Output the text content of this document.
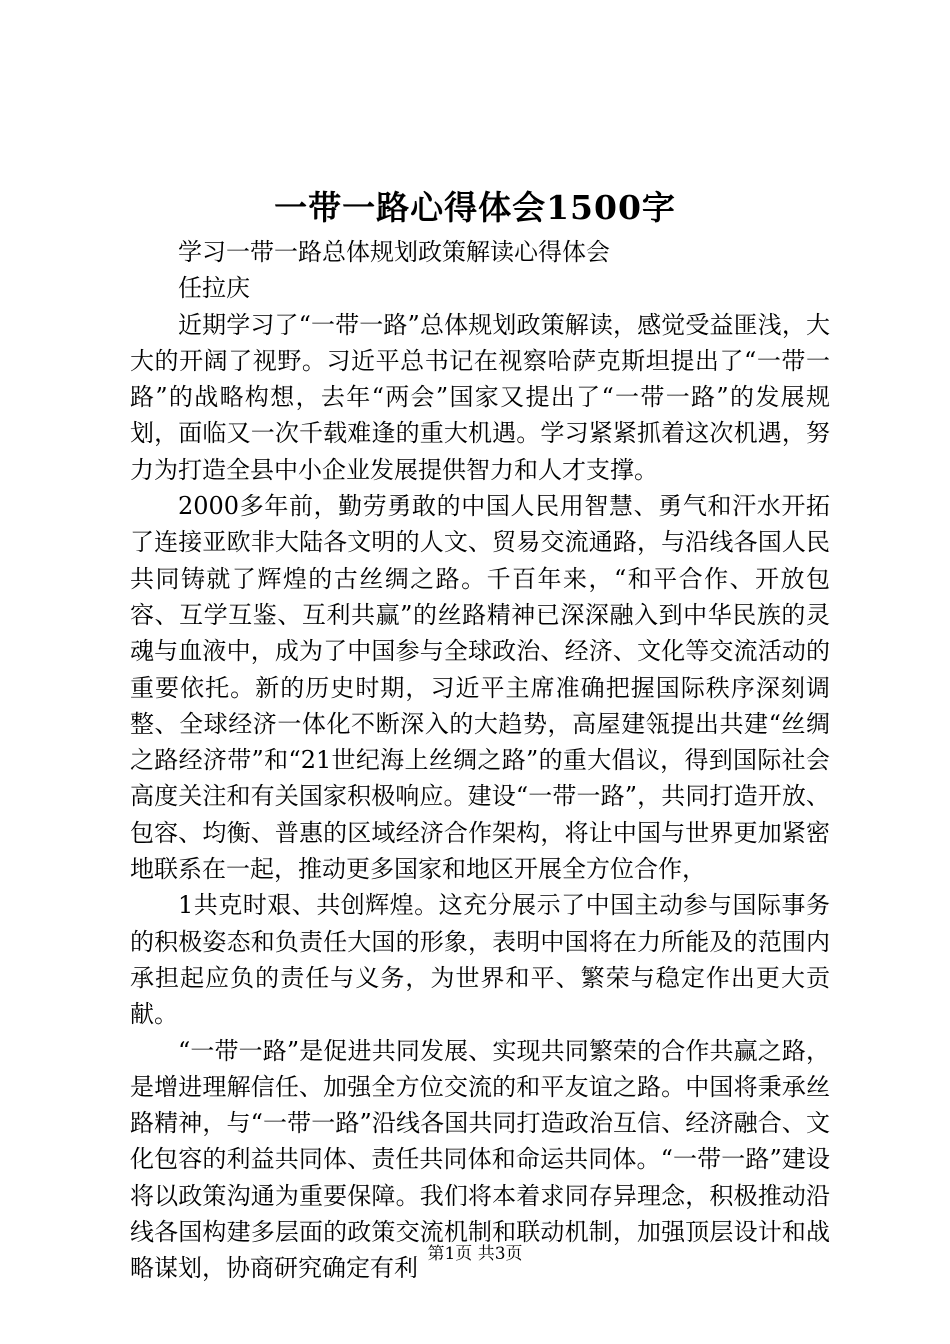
一带一路心得体会1500字

学习一带一路总体规划政策解读心得体会

任拉庆

近期学习了“一带一路”总体规划政策解读，感觉受益匪浅，大大的开阔了视野。习近平总书记在视察哈萨克斯坦提出了“一带一路”的战略构想，去年“两会”国家又提出了“一带一路”的发展规划，面临又一次千载难逢的重大机遇。学习紧紧抓着这次机遇，努力为打造全县中小企业发展提供智力和人才支撑。

2000多年前，勤劳勇敢的中国人民用智慧、勇气和汗水开拓了连接亚欧非大陆各文明的人文、贸易交流通路，与沿线各国人民共同铸就了辉煌的古丝绸之路。千百年来，“和平合作、开放包容、互学互鉴、互利共赢”的丝路精神已深深融入到中华民族的灵魂与血液中，成为了中国参与全球政治、经济、文化等交流活动的重要依托。新的历史时期，习近平主席准确把握国际秩序深刻调整、全球经济一体化不断深入的大趋势，高屋建瓴提出共建“丝绸之路经济带”和“21世纪海上丝绸之路”的重大倡议，得到国际社会高度关注和有关国家积极响应。建设“一带一路”，共同打造开放、包容、均衡、普惠的区域经济合作架构，将让中国与世界更加紧密地联系在一起，推动更多国家和地区开展全方位合作，

1共克时艰、共创辉煌。这充分展示了中国主动参与国际事务的积极姿态和负责任大国的形象，表明中国将在力所能及的范围内承担起应负的责任与义务，为世界和平、繁荣与稳定作出更大贡献。

“一带一路”是促进共同发展、实现共同繁荣的合作共赢之路，是增进理解信任、加强全方位交流的和平友谊之路。中国将秉承丝路精神，与“一带一路”沿线各国共同打造政治互信、经济融合、文化包容的利益共同体、责任共同体和命运共同体。“一带一路”建设将以政策沟通为重要保障。我们将本着求同存异理念，积极推动沿线各国构建多层面的政策交流机制和联动机制，加强顶层设计和战略谋划，协商研究确定有利

第1页 共3页
